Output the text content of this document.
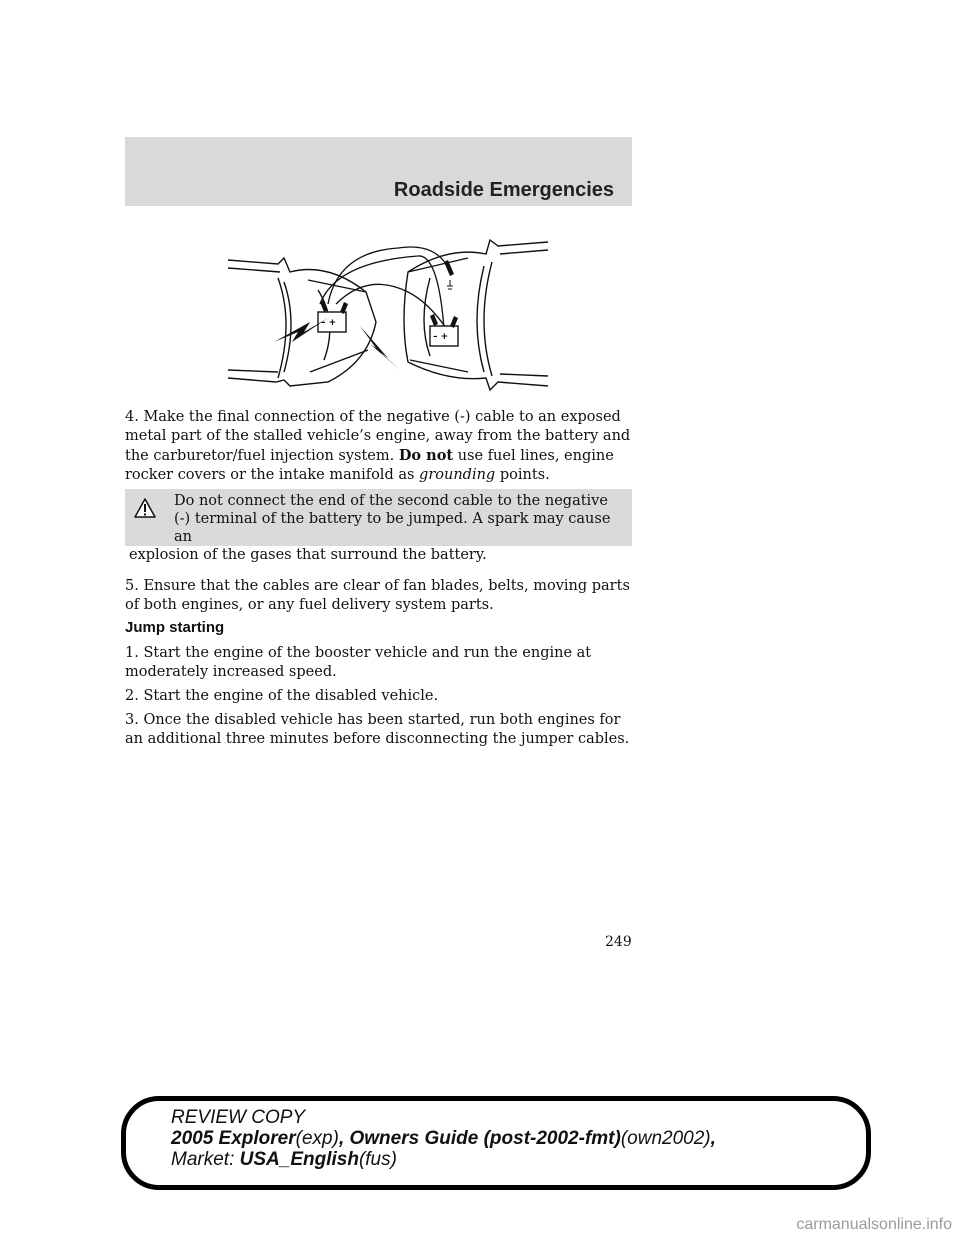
Roadside Emergencies
– +
– +

4. Make the final connection of the negative (-) cable to an exposed metal part of the stalled vehicle’s engine, away from the battery and the carburetor/fuel injection system. Do not use fuel lines, engine rocker covers or the intake manifold as grounding points.

Do not connect the end of the second cable to the negative (-) terminal of the battery to be jumped. A spark may cause an
explosion of the gases that surround the battery.
5. Ensure that the cables are clear of fan blades, belts, moving parts of both engines, or any fuel delivery system parts.
Jump starting
1. Start the engine of the booster vehicle and run the engine at moderately increased speed.
2. Start the engine of the disabled vehicle.
3. Once the disabled vehicle has been started, run both engines for an additional three minutes before disconnecting the jumper cables.
249
REVIEW COPY
2005 Explorer(exp), Owners Guide (post-2002-fmt)(own2002),
Market: USA_English(fus)
carmanualsonline.info
